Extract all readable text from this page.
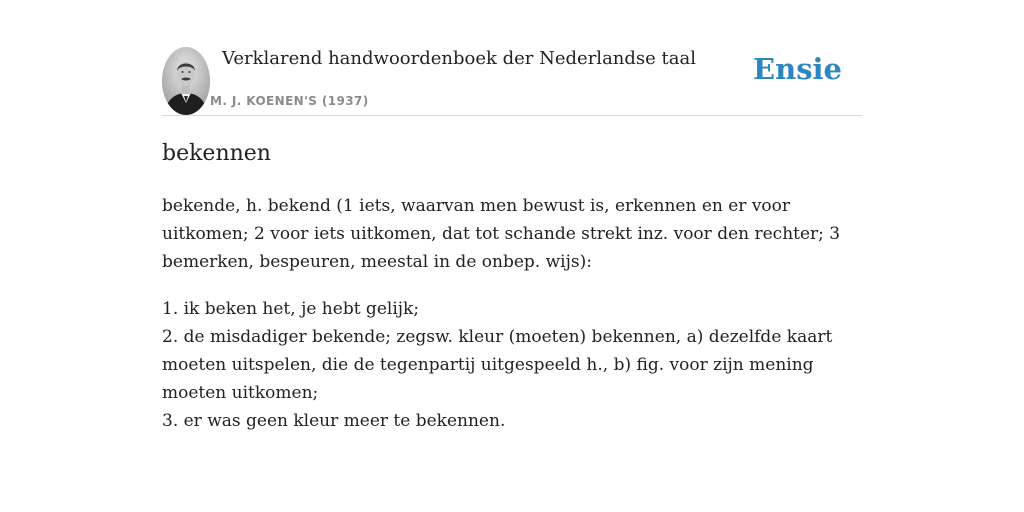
Verklarend handwoordenboek der Nederlandse taal
M. J. KOENEN'S (1937)
Ensie
bekennen

bekende, h. bekend (1 iets, waarvan men bewust is, erkennen en er voor uitkomen; 2 voor iets uitkomen, dat tot schande strekt inz. voor den rechter; 3 bemerken, bespeuren, meestal in de onbep. wijs):

1. ik beken het, je hebt gelijk;
2. de misdadiger bekende; zegsw. kleur (moeten) bekennen, a) dezelfde kaart moeten uitspelen, die de tegenpartij uitgespeeld h., b) fig. voor zijn mening moeten uitkomen;
3. er was geen kleur meer te bekennen.
